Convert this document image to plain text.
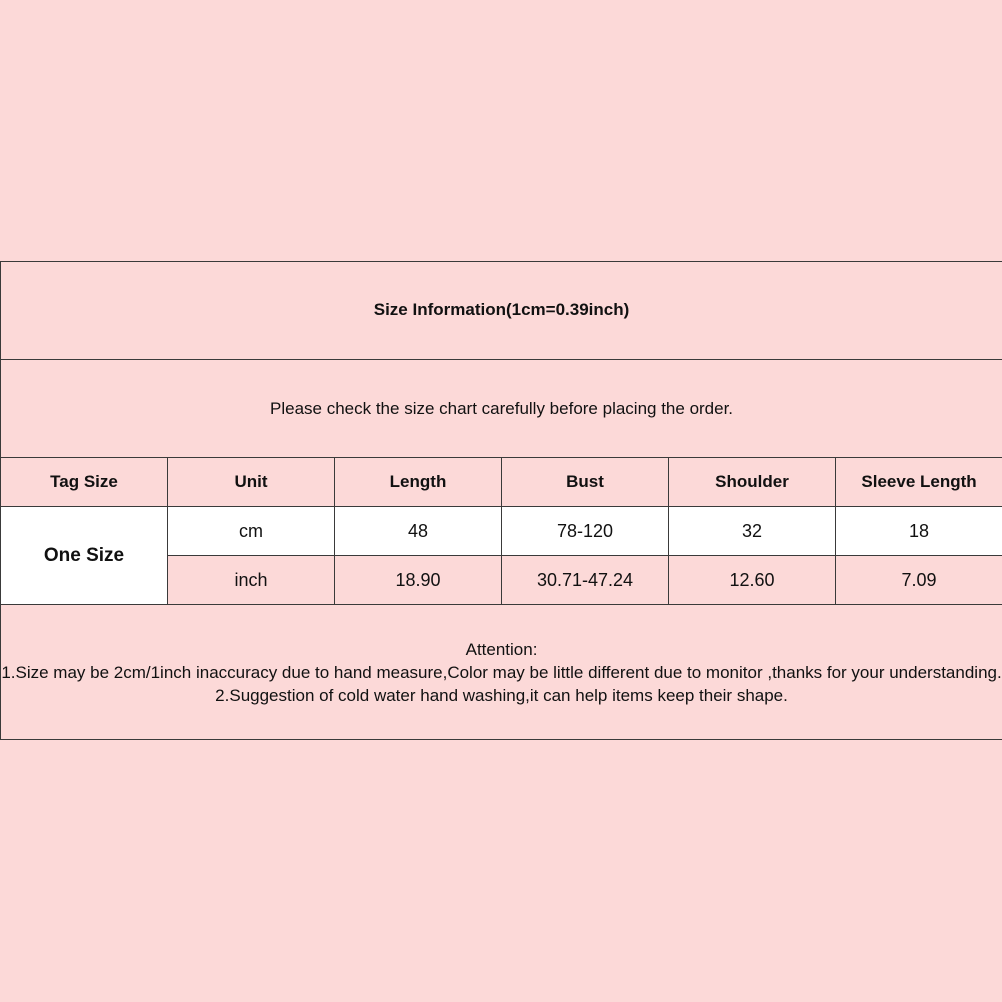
Size Information(1cm=0.39inch)					

Please check the size chart carefully before placing the order.					
Tag Size	Unit	Length	Bust	Shoulder	Sleeve Length
One Size	cm	48	78-120	32	18
	inch	18.90	30.71-47.24	12.60	7.09

Attention:
1.Size may be 2cm/1inch inaccuracy due to hand measure,Color may be little different due to monitor ,thanks for your understanding.
2.Suggestion of cold water hand washing,it can help items keep their shape.					
